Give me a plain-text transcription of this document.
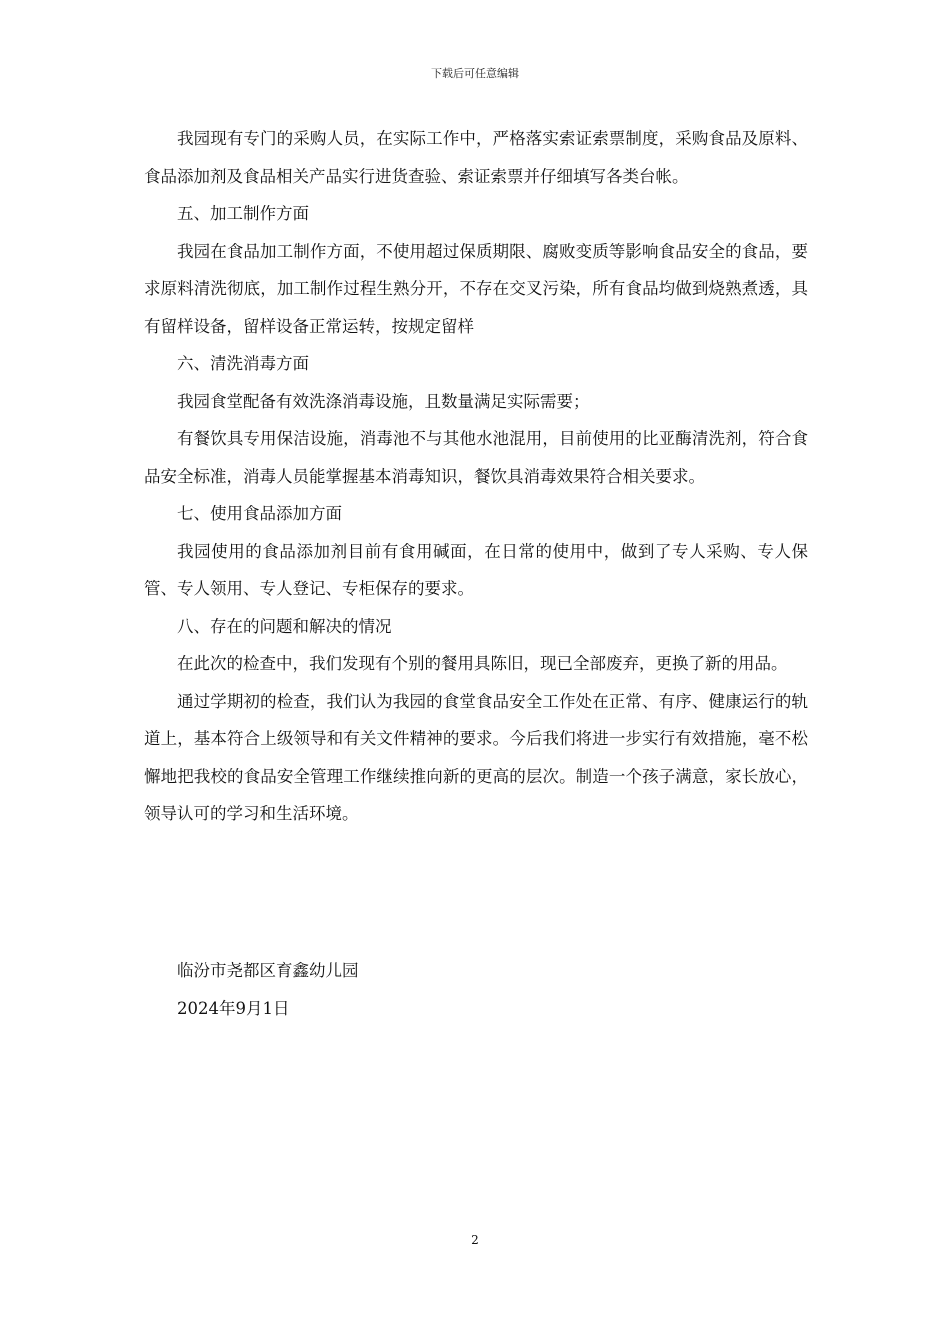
下载后可任意编辑

我园现有专门的采购人员，在实际工作中，严格落实索证索票制度，采购食品及原料、食品添加剂及食品相关产品实行进货查验、索证索票并仔细填写各类台帐。

五、加工制作方面

我园在食品加工制作方面，不使用超过保质期限、腐败变质等影响食品安全的食品，要求原料清洗彻底，加工制作过程生熟分开，不存在交叉污染，所有食品均做到烧熟煮透，具有留样设备，留样设备正常运转，按规定留样

六、清洗消毒方面

我园食堂配备有效洗涤消毒设施，且数量满足实际需要；

有餐饮具专用保洁设施，消毒池不与其他水池混用，目前使用的比亚酶清洗剂，符合食品安全标准，消毒人员能掌握基本消毒知识，餐饮具消毒效果符合相关要求。

七、使用食品添加方面

我园使用的食品添加剂目前有食用碱面，在日常的使用中，做到了专人采购、专人保管、专人领用、专人登记、专柜保存的要求。

八、存在的问题和解决的情况

在此次的检查中，我们发现有个别的餐用具陈旧，现已全部废弃，更换了新的用品。

通过学期初的检查，我们认为我园的食堂食品安全工作处在正常、有序、健康运行的轨道上，基本符合上级领导和有关文件精神的要求。今后我们将进一步实行有效措施，毫不松懈地把我校的食品安全管理工作继续推向新的更高的层次。制造一个孩子满意，家长放心，领导认可的学习和生活环境。

临汾市尧都区育鑫幼儿园

2024年9月1日

2
